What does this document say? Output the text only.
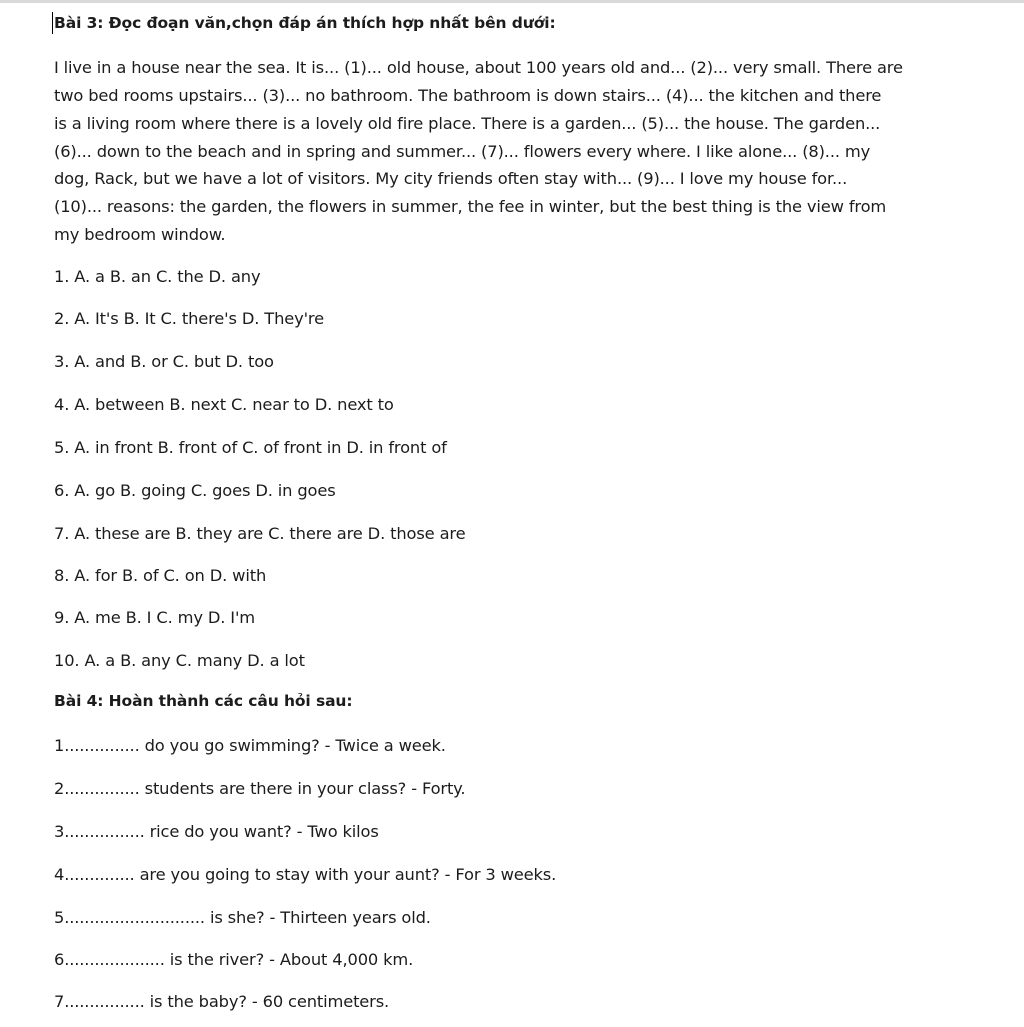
Bài 3: Đọc đoạn văn,chọn đáp án thích hợp nhất bên dưới:
I live in a house near the sea. It is... (1)... old house, about 100 years old and... (2)... very small. There are
two bed rooms upstairs... (3)... no bathroom. The bathroom is down stairs... (4)... the kitchen and there
is a living room where there is a lovely old fire place. There is a garden... (5)... the house. The garden...
(6)... down to the beach and in spring and summer... (7)... flowers every where. I like alone... (8)... my
dog, Rack, but we have a lot of visitors. My city friends often stay with... (9)... I love my house for...
(10)... reasons: the garden, the flowers in summer, the fee in winter, but the best thing is the view from
my bedroom window.
1. A. a B. an C. the D. any
2. A. It's B. It C. there's D. They're
3. A. and B. or C. but D. too
4. A. between B. next C. near to D. next to
5. A. in front B. front of C. of front in D. in front of
6. A. go B. going C. goes D. in goes
7. A. these are B. they are C. there are D. those are
8. A. for B. of C. on D. with
9. A. me B. I C. my D. I'm
10. A. a B. any C. many D. a lot
Bài 4: Hoàn thành các câu hỏi sau:
1............... do you go swimming? - Twice a week.
2............... students are there in your class? - Forty.
3................ rice do you want? - Two kilos
4.............. are you going to stay with your aunt? - For 3 weeks.
5............................ is she? - Thirteen years old.
6.................... is the river? - About 4,000 km.
7................ is the baby? - 60 centimeters.
